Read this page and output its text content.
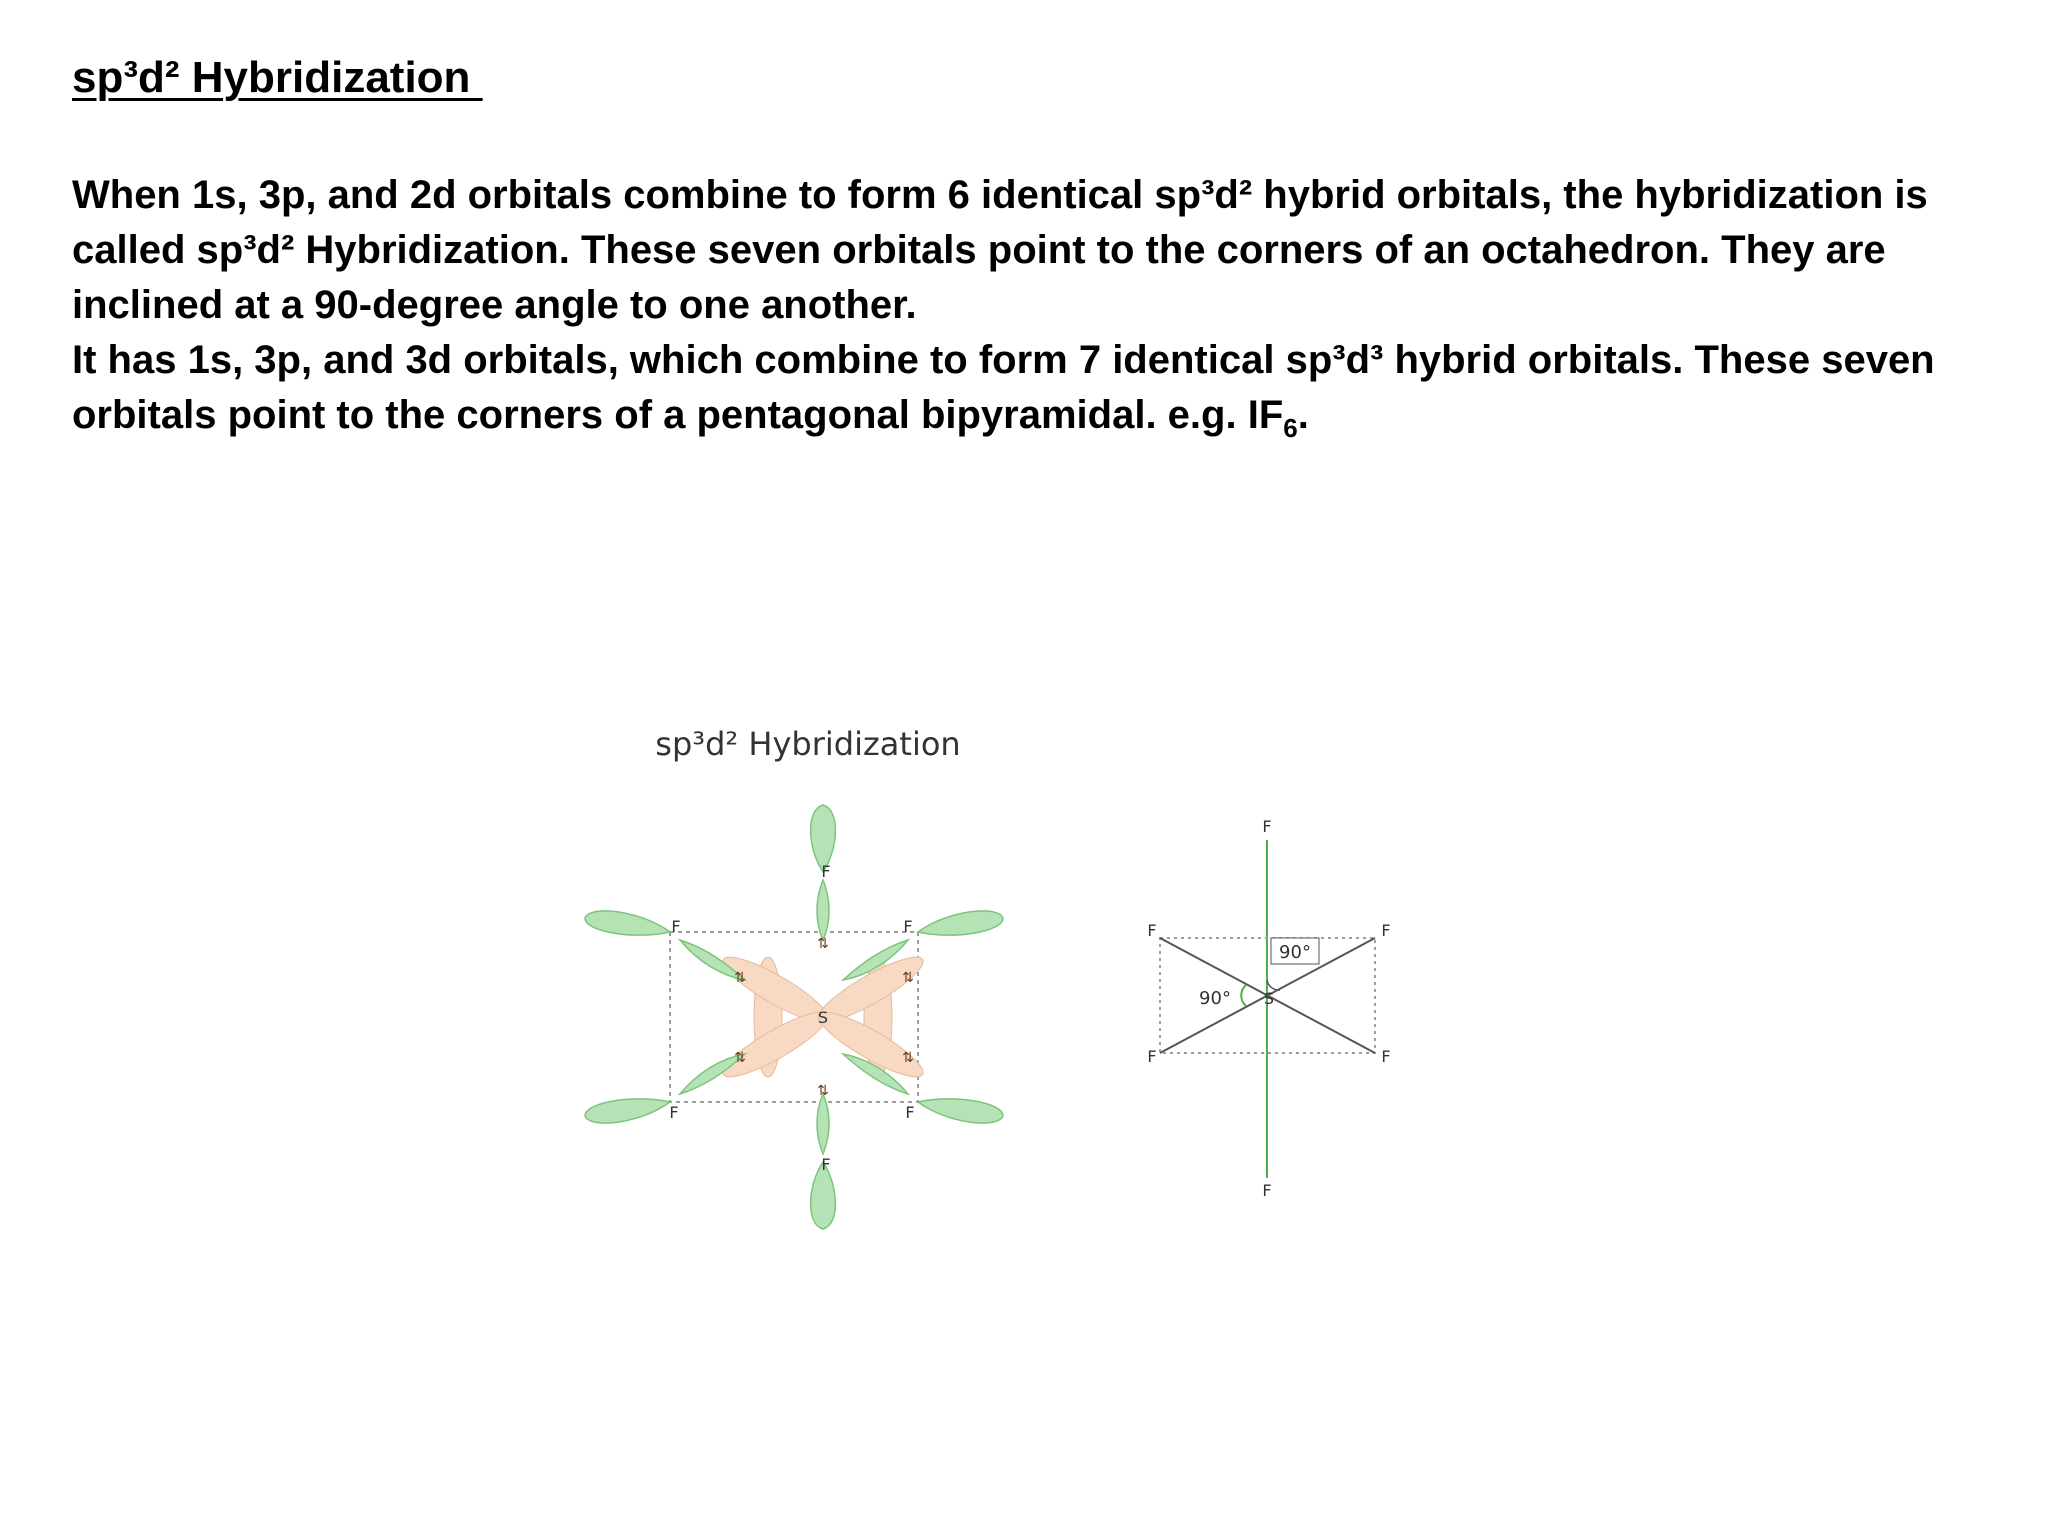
sp³d² Hybridization

When 1s, 3p, and 2d orbitals combine to form 6 identical sp³d² hybrid orbitals, the hybridization is called sp³d² Hybridization. These seven orbitals point to the corners of an octahedron. They are inclined at a 90-degree angle to one another.

It has 1s, 3p, and 3d orbitals, which combine to form 7 identical sp³d³ hybrid orbitals. These seven orbitals point to the corners of a pentagonal bipyramidal. e.g. $IF_6$.

sp³d² Hybridization
S
F
F
F	F
F	F
⇅
⇅
⇅	⇅
⇅	⇅
90°
90° S
F
F
F	F
F	F
